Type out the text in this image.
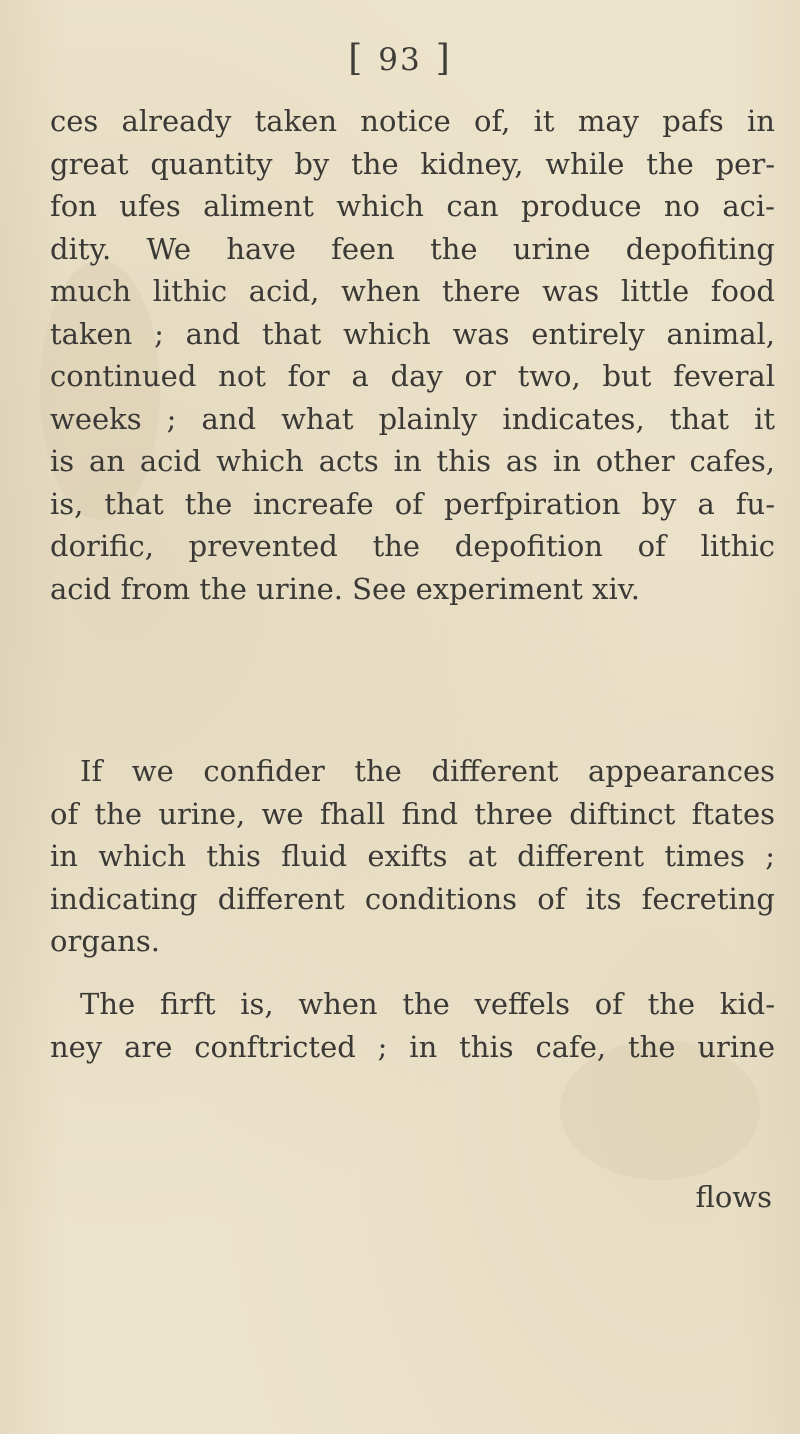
[ 93 ]
ces already taken notice of, it may pafs in
great quantity by the kidney, while the per-
fon ufes aliment which can produce no aci-
dity. We have feen the urine depofiting
much lithic acid, when there was little food
taken ; and that which was entirely animal,
continued not for a day or two, but feveral
weeks ; and what plainly indicates, that it
is an acid which acts in this as in other cafes,
is, that the increafe of perfpiration by a fu-
dorific, prevented the depofition of lithic
acid from the urine. See experiment xiv.
If we confider the different appearances
of the urine, we fhall find three diftinct ftates
in which this fluid exifts at different times ;
indicating different conditions of its fecreting
organs.
The firft is, when the veffels of the kid-
ney are conftricted ; in this cafe, the urine
flows
